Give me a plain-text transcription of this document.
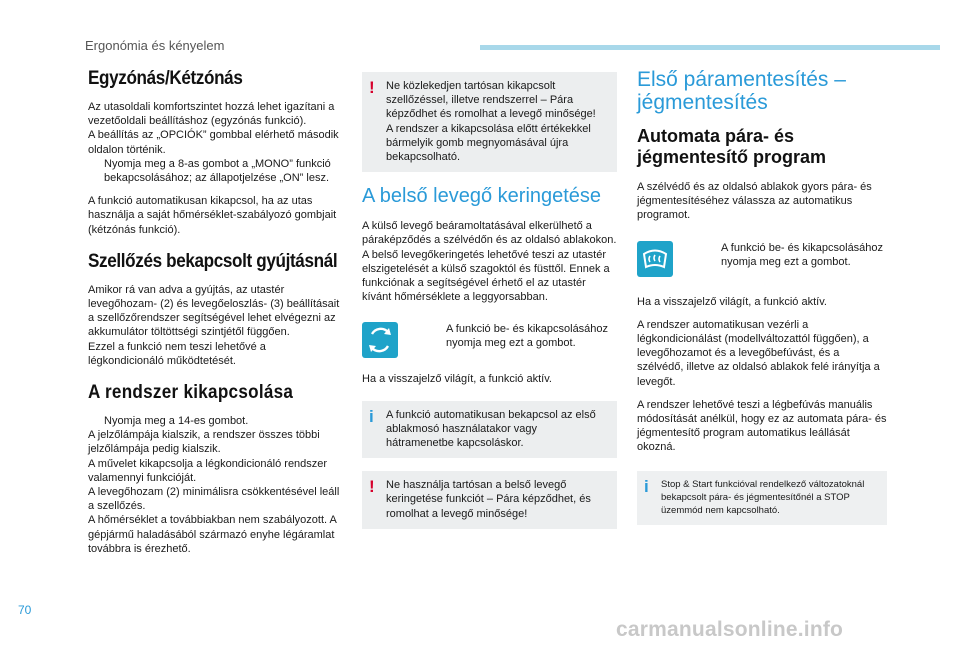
Ergonómia és kényelem
Egyzónás/Kétzónás

Az utasoldali komfortszintet hozzá lehet igazítani a vezetőoldali beállításhoz (egyzónás funkció).

A beállítás az „OPCIÓK” gombbal elérhető második oldalon történik.

Nyomja meg a 8-as gombot a „MONO” funkció bekapcsolásához; az állapotjelzése „ON” lesz.

A funkció automatikusan kikapcsol, ha az utas használja a saját hőmérséklet-szabályozó gombjait (kétzónás funkció).

Szellőzés bekapcsolt gyújtásnál

Amikor rá van adva a gyújtás, az utastér levegőhozam- (2) és levegőeloszlás- (3) beállításait a szellőzőrendszer segítségével lehet elvégezni az akkumulátor töltöttségi szintjétől függően.

Ezzel a funkció nem teszi lehetővé a légkondicionáló működtetését.

A rendszer kikapcsolása

Nyomja meg a 14-es gombot.

A jelzőlámpája kialszik, a rendszer összes többi jelzőlámpája pedig kialszik.

A művelet kikapcsolja a légkondicionáló rendszer valamennyi funkcióját.

A levegőhozam (2) minimálisra csökkentésével leáll a szellőzés.

A hőmérséklet a továbbiakban nem szabályozott. A gépjármű haladásából származó enyhe légáramlat továbbra is érezhető.

! Ne közlekedjen tartósan kikapcsolt szellőzéssel, illetve rendszerrel – Pára képződhet és romolhat a levegő minősége!

A rendszer a kikapcsolása előtt értékekkel bármelyik gomb megnyomásával újra bekapcsolható.

A belső levegő keringetése

A külső levegő beáramoltatásával elkerülhető a páraképződés a szélvédőn és az oldalsó ablakokon.

A belső levegőkeringetés lehetővé teszi az utastér elszigetelését a külső szagoktól és füsttől. Ennek a funkciónak a segítségével érhető el az utastér kívánt hőmérséklete a leggyorsabban.

A funkció be- és kikapcsolásához nyomja meg ezt a gombot.

Ha a visszajelző világít, a funkció aktív.

i A funkció automatikusan bekapcsol az első ablakmosó használatakor vagy hátramenetbe kapcsoláskor.

! Ne használja tartósan a belső levegő keringetése funkciót – Pára képződhet, és romolhat a levegő minősége!

Első páramentesítés – jégmentesítés
Automata pára- és jégmentesítő program

A szélvédő és az oldalsó ablakok gyors pára- és jégmentesítéséhez válassza az automatikus programot.

A funkció be- és kikapcsolásához nyomja meg ezt a gombot.

Ha a visszajelző világít, a funkció aktív.

A rendszer automatikusan vezérli a légkondicionálást (modellváltozattól függően), a levegőhozamot és a levegőbefúvást, és a szélvédő, illetve az oldalsó ablakok felé irányítja a levegőt.

A rendszer lehetővé teszi a légbefúvás manuális módosítását anélkül, hogy ez az automata pára- és jégmentesítő program automatikus leállását okozná.

i Stop & Start funkcióval rendelkező változatoknál bekapcsolt pára- és jégmentesítőnél a STOP üzemmód nem kapcsolható.

70
carmanualsonline.info
